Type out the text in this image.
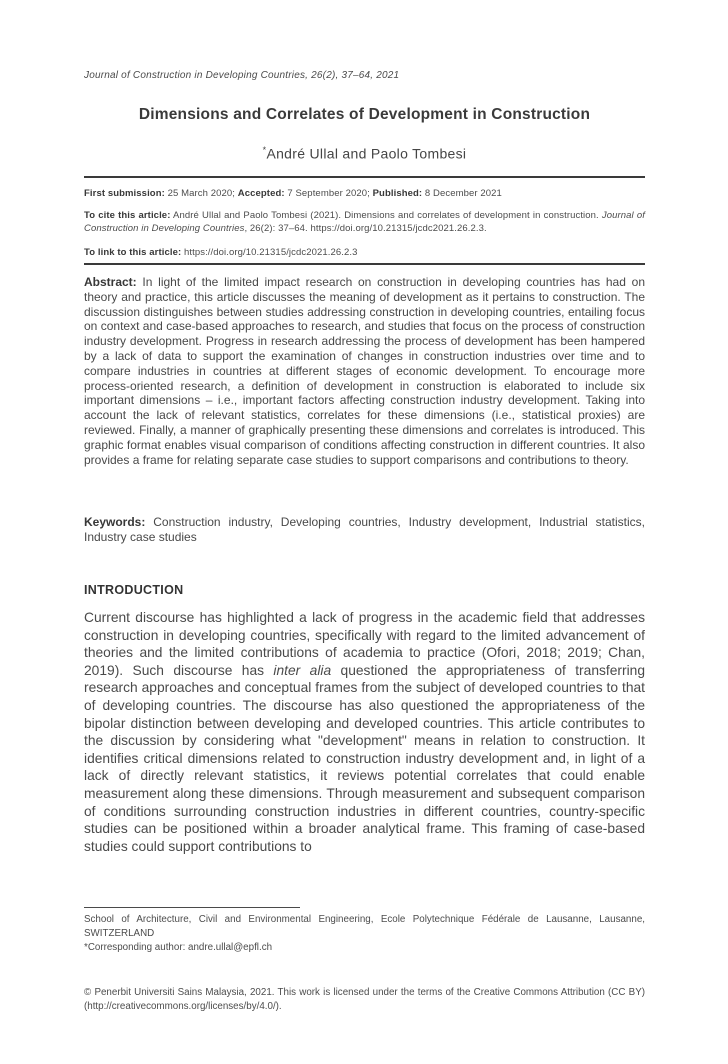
Journal of Construction in Developing Countries, 26(2), 37–64, 2021
Dimensions and Correlates of Development in Construction
*André Ullal and Paolo Tombesi

First submission: 25 March 2020; Accepted: 7 September 2020; Published: 8 December 2021

To cite this article: André Ullal and Paolo Tombesi (2021). Dimensions and correlates of development in construction. Journal of Construction in Developing Countries, 26(2): 37–64. https://doi.org/10.21315/jcdc2021.26.2.3.

To link to this article: https://doi.org/10.21315/jcdc2021.26.2.3

Abstract: In light of the limited impact research on construction in developing countries has had on theory and practice, this article discusses the meaning of development as it pertains to construction. The discussion distinguishes between studies addressing construction in developing countries, entailing focus on context and case-based approaches to research, and studies that focus on the process of construction industry development. Progress in research addressing the process of development has been hampered by a lack of data to support the examination of changes in construction industries over time and to compare industries in countries at different stages of economic development. To encourage more process-oriented research, a definition of development in construction is elaborated to include six important dimensions – i.e., important factors affecting construction industry development. Taking into account the lack of relevant statistics, correlates for these dimensions (i.e., statistical proxies) are reviewed. Finally, a manner of graphically presenting these dimensions and correlates is introduced. This graphic format enables visual comparison of conditions affecting construction in different countries. It also provides a frame for relating separate case studies to support comparisons and contributions to theory.

Keywords: Construction industry, Developing countries, Industry development, Industrial statistics, Industry case studies

INTRODUCTION

Current discourse has highlighted a lack of progress in the academic field that addresses construction in developing countries, specifically with regard to the limited advancement of theories and the limited contributions of academia to practice (Ofori, 2018; 2019; Chan, 2019). Such discourse has inter alia questioned the appropriateness of transferring research approaches and conceptual frames from the subject of developed countries to that of developing countries. The discourse has also questioned the appropriateness of the bipolar distinction between developing and developed countries. This article contributes to the discussion by considering what "development" means in relation to construction. It identifies critical dimensions related to construction industry development and, in light of a lack of directly relevant statistics, it reviews potential correlates that could enable measurement along these dimensions. Through measurement and subsequent comparison of conditions surrounding construction industries in different countries, country-specific studies can be positioned within a broader analytical frame. This framing of case-based studies could support contributions to

School of Architecture, Civil and Environmental Engineering, Ecole Polytechnique Fédérale de Lausanne, Lausanne, SWITZERLAND

*Corresponding author: andre.ullal@epfl.ch

© Penerbit Universiti Sains Malaysia, 2021. This work is licensed under the terms of the Creative Commons Attribution (CC BY) (http://creativecommons.org/licenses/by/4.0/).
